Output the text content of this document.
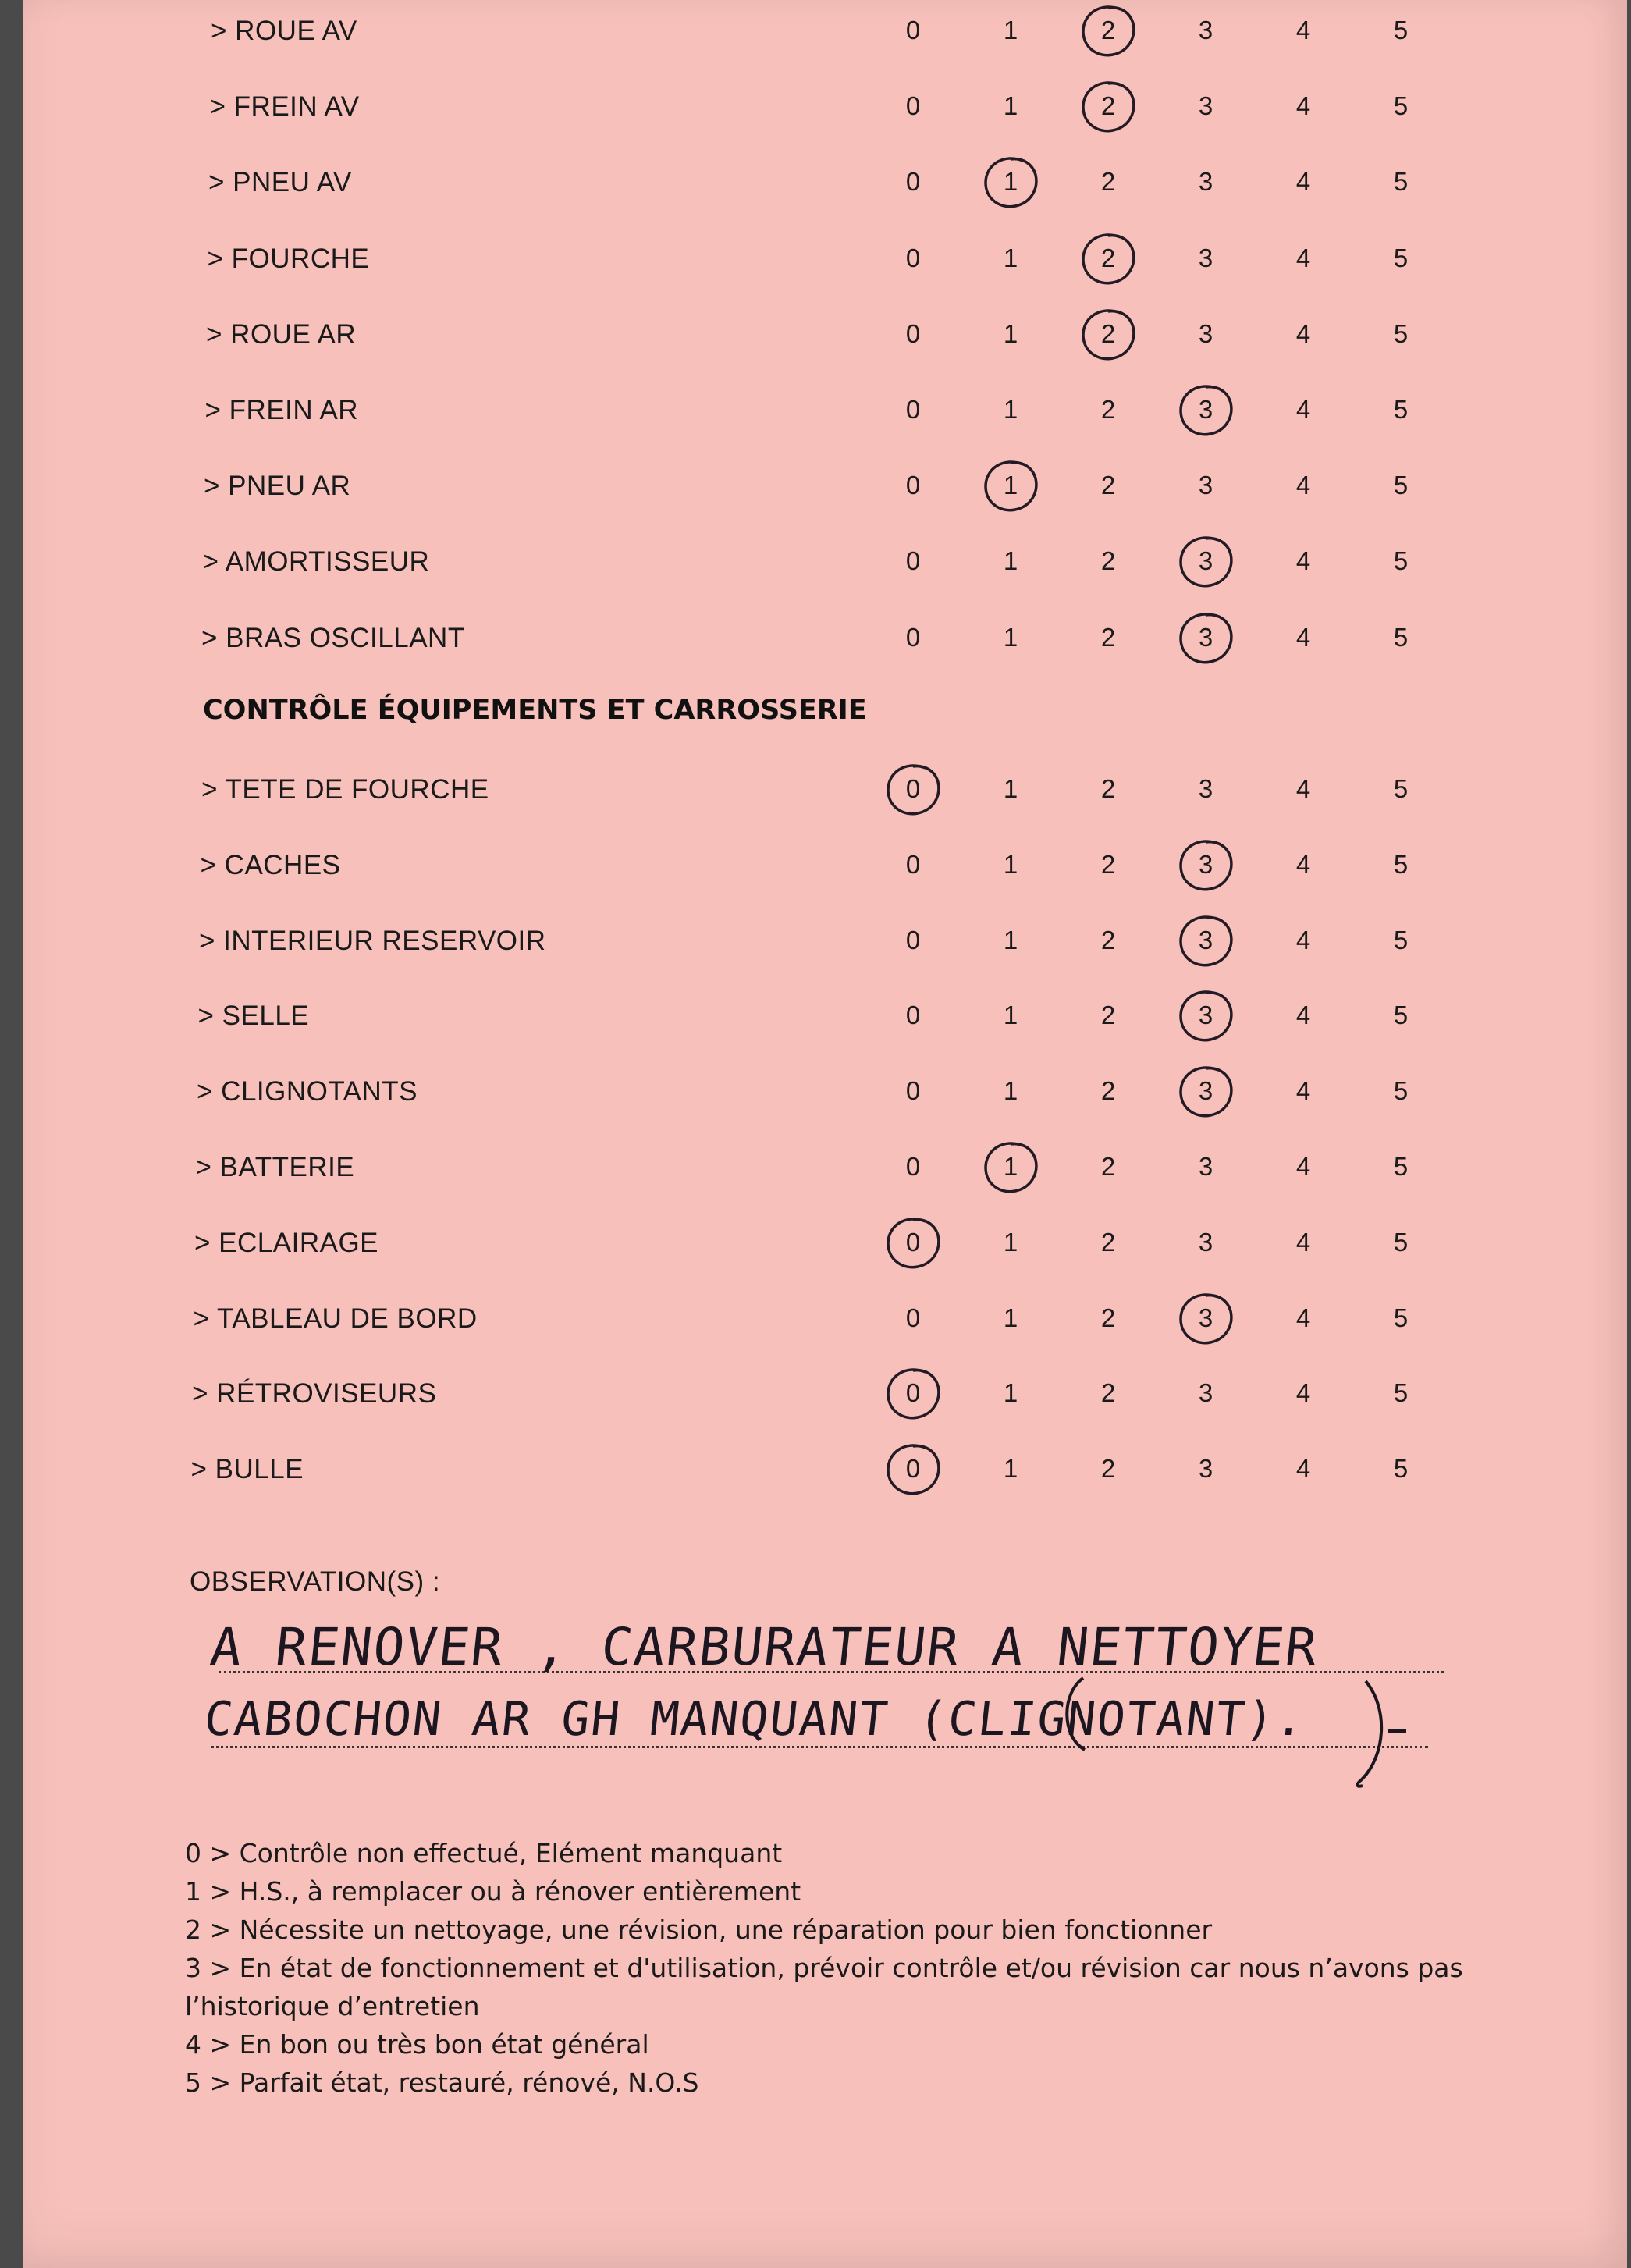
> ROUE AV	0	1	2	3	4	5
> FREIN AV	0	1	2	3	4	5
> PNEU AV	0	1	2	3	4	5
> FOURCHE	0	1	2	3	4	5
> ROUE AR	0	1	2	3	4	5
> FREIN AR	0	1	2	3	4	5
> PNEU AR	0	1	2	3	4	5
> AMORTISSEUR	0	1	2	3	4	5
> BRAS OSCILLANT	0	1	2	3	4	5
> TETE DE FOURCHE	0	1	2	3	4	5
> CACHES	0	1	2	3	4	5
> INTERIEUR RESERVOIR	0	1	2	3	4	5
> SELLE	0	1	2	3	4	5
> CLIGNOTANTS	0	1	2	3	4	5
> BATTERIE	0	1	2	3	4	5
> ECLAIRAGE	0	1	2	3	4	5
> TABLEAU DE BORD	0	1	2	3	4	5
> RÉTROVISEURS	0	1	2	3	4	5
> BULLE	0	1	2	3	4	5
CONTRÔLE ÉQUIPEMENTS ET CARROSSERIE
OBSERVATION(S) :
A RENOVER , CARBURATEUR A NETTOYER
CABOCHON AR GH MANQUANT (CLIGNOTANT).
0 > Contrôle non effectué, Elément manquant
1 > H.S., à remplacer ou à rénover entièrement
2 > Nécessite un nettoyage, une révision, une réparation pour bien fonctionner
3 > En état de fonctionnement et d'utilisation, prévoir contrôle et/ou révision car nous n’avons pas l’historique d’entretien
4 > En bon ou très bon état général
5 > Parfait état, restauré, rénové, N.O.S
